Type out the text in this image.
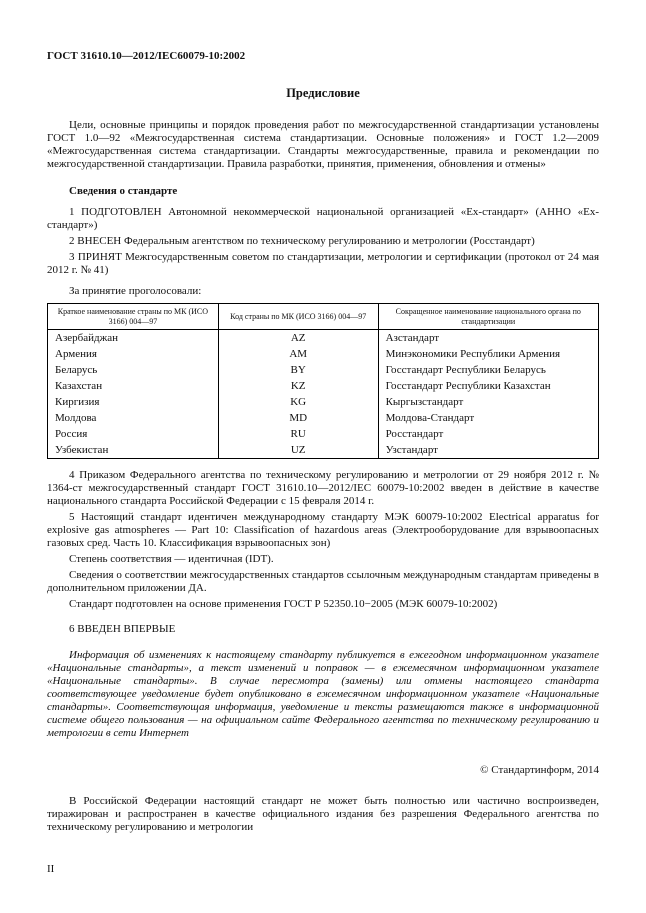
ГОСТ 31610.10—2012/IEC60079-10:2002
Предисловие

Цели, основные принципы и порядок проведения работ по межгосударственной стандартизации установлены ГОСТ 1.0—92 «Межгосударственная система стандартизации. Основные положения» и ГОСТ 1.2—2009 «Межгосударственная система стандартизации. Стандарты межгосударственные, правила и рекомендации по межгосударственной стандартизации. Правила разработки, принятия, применения, обновления и отмены»

Сведения о стандарте

1 ПОДГОТОВЛЕН Автономной некоммерческой национальной организацией «Ex-стандарт» (АННО «Ех-стандарт»)

2 ВНЕСЕН Федеральным агентством по техническому регулированию и метрологии (Росстандарт)

3 ПРИНЯТ Межгосударственным советом по стандартизации, метрологии и сертификации (протокол от 24 мая 2012 г. № 41)

За принятие проголосовали:

Краткое наименование страны по МК (ИСО 3166) 004—97	Код страны по МК (ИСО 3166) 004—97	Сокращенное наименование национального органа по стандартизации
Азербайджан	AZ	Азстандарт
Армения	AM	Минэкономики Республики Армения
Беларусь	BY	Госстандарт Республики Беларусь
Казахстан	KZ	Госстандарт Республики Казахстан
Киргизия	KG	Кыргызстандарт
Молдова	MD	Молдова-Стандарт
Россия	RU	Росстандарт
Узбекистан	UZ	Узстандарт

4 Приказом Федерального агентства по техническому регулированию и метрологии от 29 ноября 2012 г. № 1364-ст межгосударственный стандарт ГОСТ 31610.10—2012/IEC 60079-10:2002 введен в действие в качестве национального стандарта Российской Федерации с 15 февраля 2014 г.

5 Настоящий стандарт идентичен международному стандарту МЭК 60079-10:2002 Electrical apparatus for explosive gas atmospheres — Part 10: Classification of hazardous areas (Электрооборудование для взрывоопасных газовых сред. Часть 10. Классификация взрывоопасных зон)

Степень соответствия — идентичная (IDT).

Сведения о соответствии межгосударственных стандартов ссылочным международным стандартам приведены в дополнительном приложении ДА.

Стандарт подготовлен на основе применения ГОСТ Р 52350.10−2005 (МЭК 60079-10:2002)

6 ВВЕДЕН ВПЕРВЫЕ

Информация об изменениях к настоящему стандарту публикуется в ежегодном информационном указателе «Национальные стандарты», а текст изменений и поправок — в ежемесячном информационном указателе «Национальные стандарты». В случае пересмотра (замены) или отмены настоящего стандарта соответствующее уведомление будет опубликовано в ежемесячном информационном указателе «Национальные стандарты». Соответствующая информация, уведомление и тексты размещаются также в информационной системе общего пользования — на официальном сайте Федерального агентства по техническому регулированию и метрологии в сети Интернет

© Стандартинформ, 2014

В Российской Федерации настоящий стандарт не может быть полностью или частично воспроизведен, тиражирован и распространен в качестве официального издания без разрешения Федерального агентства по техническому регулированию и метрологии

II
